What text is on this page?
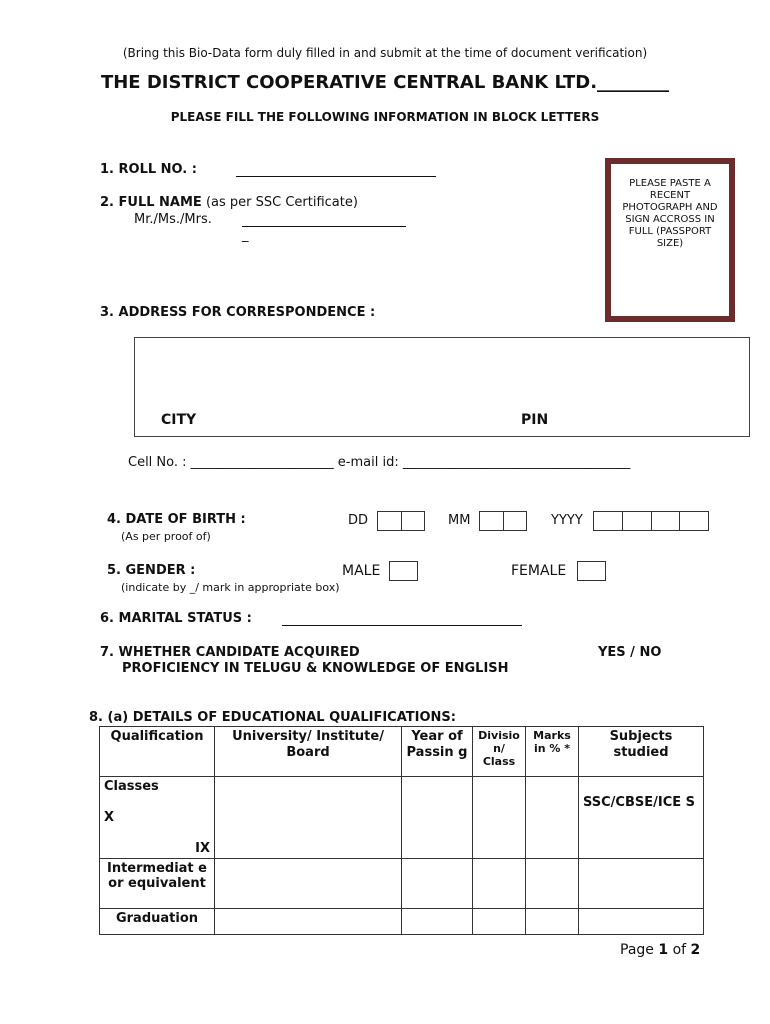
(Bring this Bio-Data form duly filled in and submit at the time of document verification)
THE DISTRICT COOPERATIVE CENTRAL BANK LTD.________
PLEASE FILL THE FOLLOWING INFORMATION IN BLOCK LETTERS
1. ROLL NO. :
2. FULL NAME (as per SSC Certificate)
Mr./Ms./Mrs.
_
PLEASE PASTE A RECENT PHOTOGRAPH AND SIGN ACCROSS IN FULL (PASSPORT SIZE)
3. ADDRESS FOR CORRESPONDENCE :
CITY	PIN
Cell No. : ______________________ e-mail id: ___________________________________
4. DATE OF BIRTH :
(As per proof of)
DD	MM	YYYY
5. GENDER :
(indicate by _/ mark in appropriate box)
MALE	FEMALE
6. MARITAL STATUS :
7. WHETHER CANDIDATE ACQUIRED
PROFICIENCY IN TELUGU & KNOWLEDGE OF ENGLISH
YES / NO
8. (a) DETAILS OF EDUCATIONAL QUALIFICATIONS:
Qualification	University/ Institute/ Board	Year of Passin g	Divisio n/ Class	Marks in % *	Subjects studied

Classes
X
IX					SSC/CBSE/ICE S
Intermediat e or equivalent					
Graduation					
Page 1 of 2
